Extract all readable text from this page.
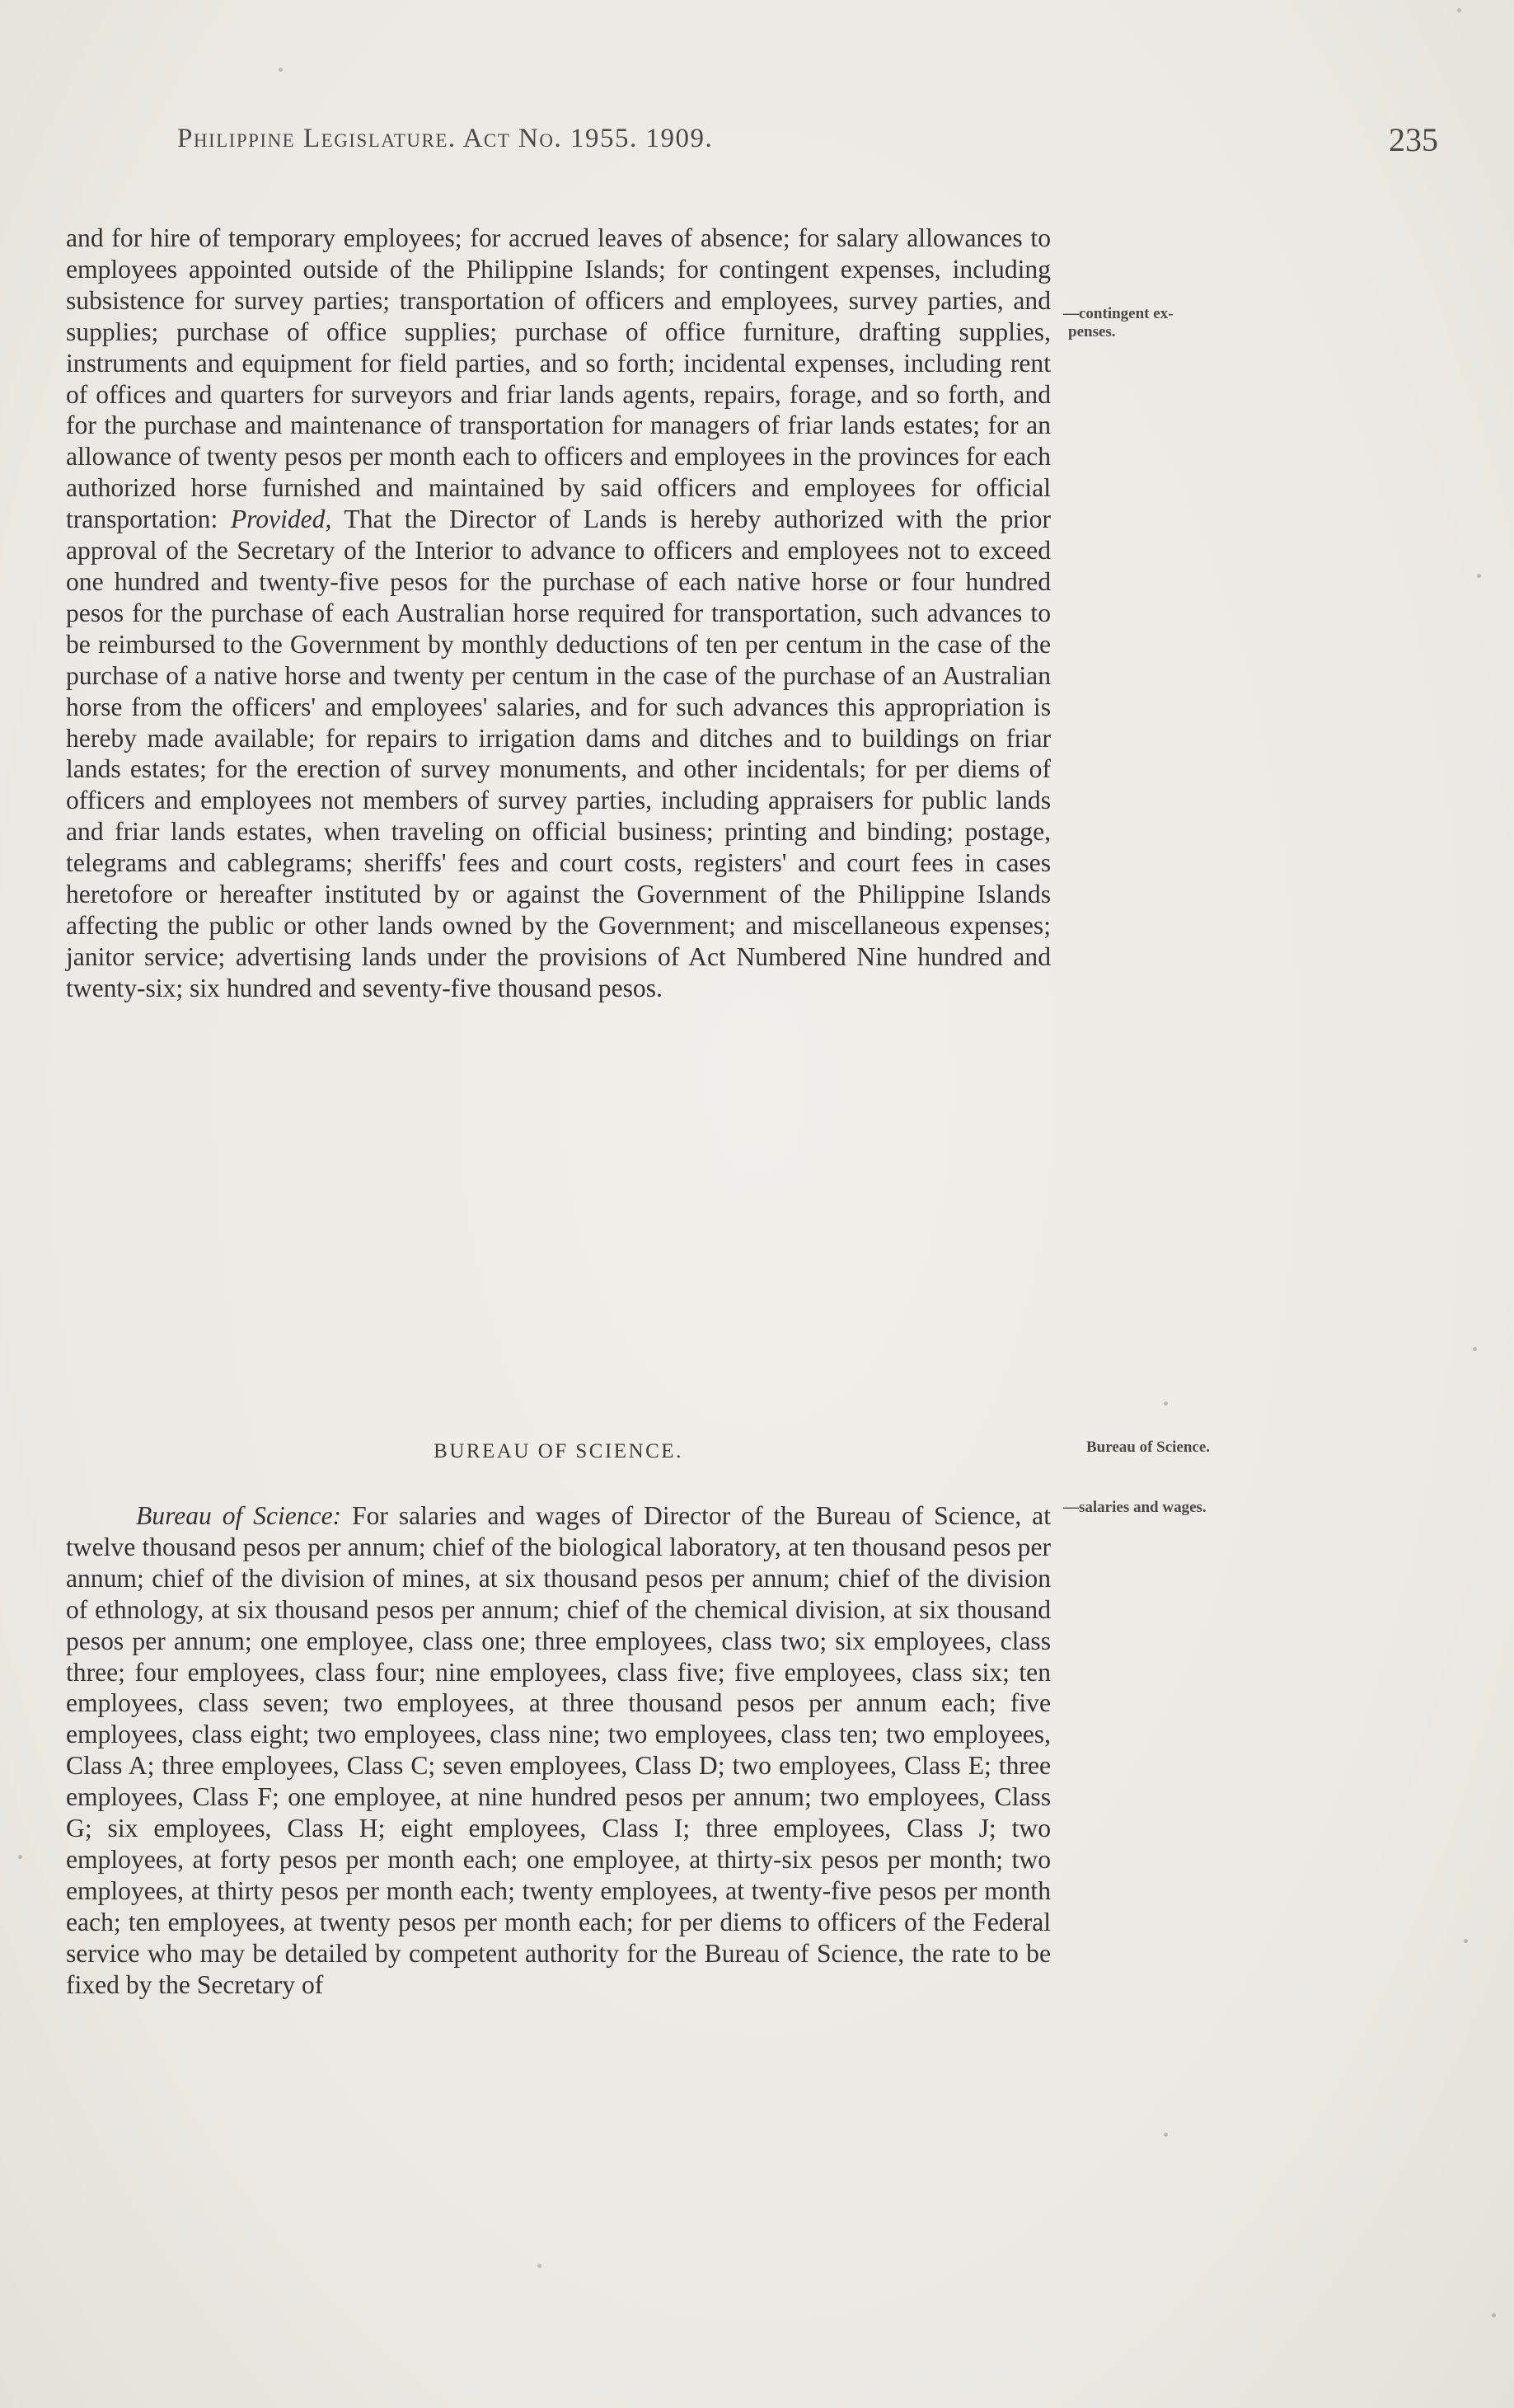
Philippine Legislature. Act No. 1955. 1909.	235
—contingent ex-
penses.

and for hire of temporary employees; for accrued leaves of absence; for salary allowances to employees appointed outside of the Philippine Islands; for contingent expenses, including subsistence for survey parties; transportation of officers and employees, survey parties, and supplies; purchase of office supplies; purchase of office furniture, drafting supplies, instruments and equipment for field parties, and so forth; incidental expenses, including rent of offices and quarters for surveyors and friar lands agents, repairs, forage, and so forth, and for the purchase and maintenance of transportation for managers of friar lands estates; for an allowance of twenty pesos per month each to officers and employees in the provinces for each authorized horse furnished and maintained by said officers and employees for official transportation: Provided, That the Director of Lands is hereby authorized with the prior approval of the Secretary of the Interior to advance to officers and employees not to exceed one hundred and twenty-five pesos for the purchase of each native horse or four hundred pesos for the purchase of each Australian horse required for transportation, such advances to be reimbursed to the Government by monthly deductions of ten per centum in the case of the purchase of a native horse and twenty per centum in the case of the purchase of an Australian horse from the officers' and employees' salaries, and for such advances this appropriation is hereby made available; for repairs to irrigation dams and ditches and to buildings on friar lands estates; for the erection of survey monuments, and other incidentals; for per diems of officers and employees not members of survey parties, including appraisers for public lands and friar lands estates, when traveling on official business; printing and binding; postage, telegrams and cablegrams; sheriffs' fees and court costs, registers' and court fees in cases heretofore or hereafter instituted by or against the Government of the Philippine Islands affecting the public or other lands owned by the Government; and miscellaneous expenses; janitor service; advertising lands under the provisions of Act Numbered Nine hundred and twenty-six; six hundred and seventy-five thousand pesos.

BUREAU OF SCIENCE.	Bureau of Science.
—salaries and wages.

Bureau of Science: For salaries and wages of Director of the Bureau of Science, at twelve thousand pesos per annum; chief of the biological laboratory, at ten thousand pesos per annum; chief of the division of mines, at six thousand pesos per annum; chief of the division of ethnology, at six thousand pesos per annum; chief of the chemical division, at six thousand pesos per annum; one employee, class one; three employees, class two; six employees, class three; four employees, class four; nine employees, class five; five employees, class six; ten employees, class seven; two employees, at three thousand pesos per annum each; five employees, class eight; two employees, class nine; two employees, class ten; two employees, Class A; three employees, Class C; seven employees, Class D; two employees, Class E; three employees, Class F; one employee, at nine hundred pesos per annum; two employees, Class G; six employees, Class H; eight employees, Class I; three employees, Class J; two employees, at forty pesos per month each; one employee, at thirty-six pesos per month; two employees, at thirty pesos per month each; twenty employees, at twenty-five pesos per month each; ten employees, at twenty pesos per month each; for per diems to officers of the Federal service who may be detailed by competent authority for the Bureau of Science, the rate to be fixed by the Secretary of
